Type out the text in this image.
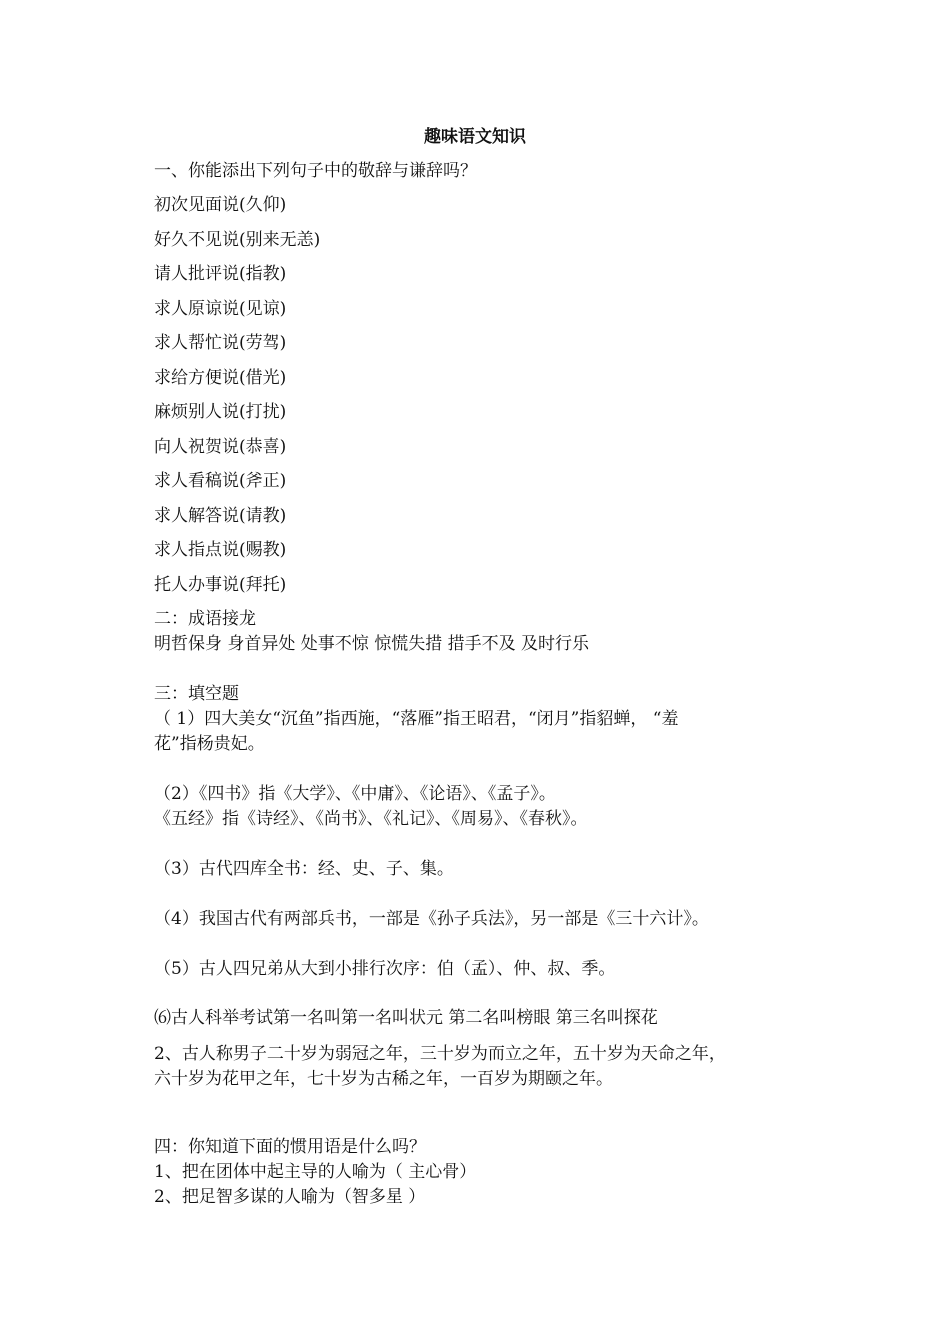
趣味语文知识
一、你能添出下列句子中的敬辞与谦辞吗？
初次见面说(久仰)
好久不见说(别来无恙)
请人批评说(指教)
求人原谅说(见谅)
求人帮忙说(劳驾)
求给方便说(借光)
麻烦别人说(打扰)
向人祝贺说(恭喜)
求人看稿说(斧正)
求人解答说(请教)
求人指点说(赐教)
托人办事说(拜托)
二：成语接龙
明哲保身 身首异处 处事不惊 惊慌失措 措手不及 及时行乐
三：填空题
（ 1）四大美女“沉鱼”指西施，“落雁”指王昭君，“闭月”指貂蝉， “羞
花”指杨贵妃。
（2）《四书》指《大学》、《中庸》、《论语》、《孟子》。
《五经》指《诗经》、《尚书》、《礼记》、《周易》、《春秋》。
（3）古代四库全书：经、史、子、集。
（4）我国古代有两部兵书，一部是《孙子兵法》，另一部是《三十六计》。
（5）古人四兄弟从大到小排行次序：伯（孟）、仲、叔、季。
⑹古人科举考试第一名叫第一名叫状元 第二名叫榜眼 第三名叫探花
2、古人称男子二十岁为弱冠之年，三十岁为而立之年，五十岁为天命之年，
六十岁为花甲之年，七十岁为古稀之年，一百岁为期颐之年。
四：你知道下面的惯用语是什么吗？
1、把在团体中起主导的人喻为（ 主心骨）
2、把足智多谋的人喻为（智多星 ）
